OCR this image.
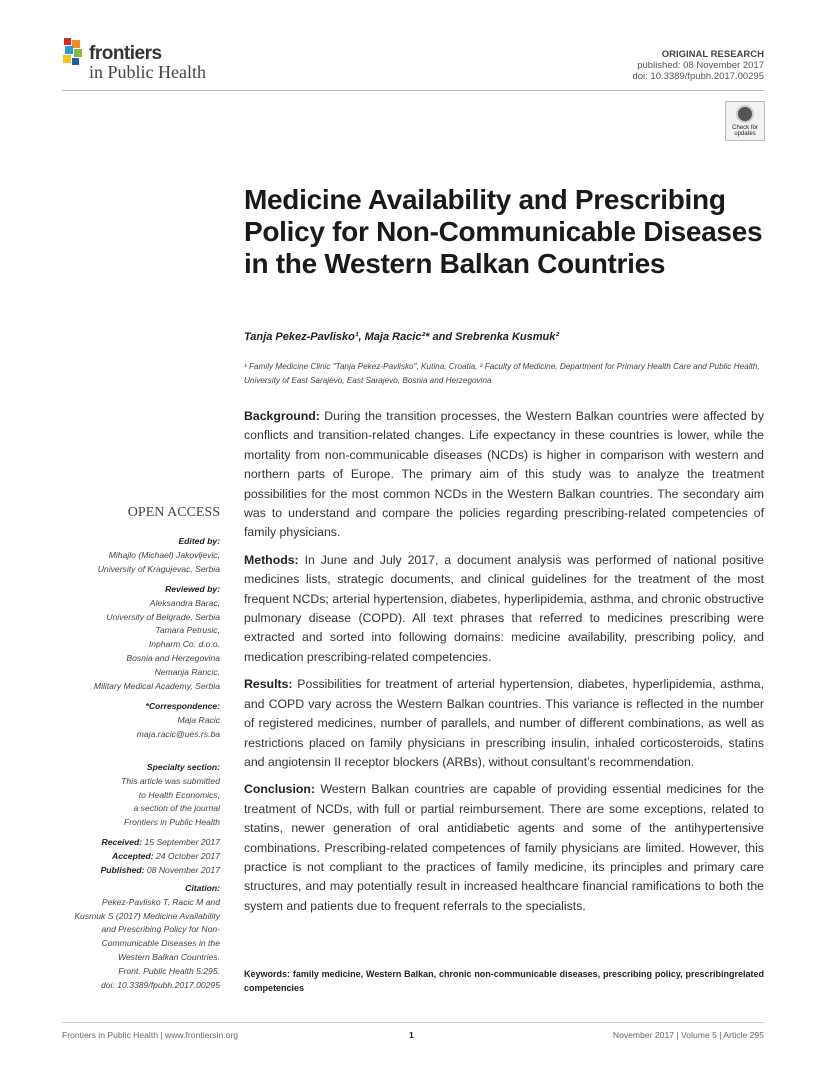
frontiers
in Public Health
ORIGINAL RESEARCH
published: 08 November 2017
doi: 10.3389/fpubh.2017.00295
Check for updates
Medicine Availability and Prescribing Policy for Non-Communicable Diseases in the Western Balkan Countries
Tanja Pekez-Pavlisko¹, Maja Racic²* and Srebrenka Kusmuk²
¹ Family Medicine Clinic "Tanja Pekez-Pavlisko", Kutina, Croatia, ² Faculty of Medicine, Department for Primary Health Care and Public Health, University of East Sarajevo, East Sarajevo, Bosnia and Herzegovina

Background: During the transition processes, the Western Balkan countries were affected by conflicts and transition-related changes. Life expectancy in these countries is lower, while the mortality from non-communicable diseases (NCDs) is higher in comparison with western and northern parts of Europe. The primary aim of this study was to analyze the treatment possibilities for the most common NCDs in the Western Balkan countries. The secondary aim was to understand and compare the policies regarding prescribing-related competencies of family physicians.

Methods: In June and July 2017, a document analysis was performed of national positive medicines lists, strategic documents, and clinical guidelines for the treatment of the most frequent NCDs; arterial hypertension, diabetes, hyperlipidemia, asthma, and chronic obstructive pulmonary disease (COPD). All text phrases that referred to medicines prescribing were extracted and sorted into following domains: medicine availability, prescribing policy, and medication prescribing-related competencies.

Results: Possibilities for treatment of arterial hypertension, diabetes, hyperlipidemia, asthma, and COPD vary across the Western Balkan countries. This variance is reflected in the number of registered medicines, number of parallels, and number of different combinations, as well as restrictions placed on family physicians in prescribing insulin, inhaled corticosteroids, statins and angiotensin II receptor blockers (ARBs), without consultant’s recommendation.

Conclusion: Western Balkan countries are capable of providing essential medicines for the treatment of NCDs, with full or partial reimbursement. There are some exceptions, related to statins, newer generation of oral antidiabetic agents and some of the antihypertensive combinations. Prescribing-related competences of family physicians are limited. However, this practice is not compliant to the practices of family medicine, its principles and primary care structures, and may potentially result in increased healthcare financial ramifications to both the system and patients due to frequent referrals to the specialists.

Keywords: family medicine, Western Balkan, chronic non-communicable diseases, prescribing policy, prescribingrelated competencies
OPEN ACCESS
Edited by:
Mihajlo (Michael) Jakovljevic,
University of Kragujevac, Serbia
Reviewed by:
Aleksandra Barac,
University of Belgrade, Serbia
Tamara Petrusic,
Inpharm Co. d.o.o.
Bosnia and Herzegovina
Nemanja Rancic,
Military Medical Academy, Serbia
*Correspondence:
Maja Racic
maja.racic@ues.rs.ba
Specialty section:
This article was submitted
to Health Economics,
a section of the journal
Frontiers in Public Health
Received: 15 September 2017
Accepted: 24 October 2017
Published: 08 November 2017
Citation:
Pekez-Pavlisko T, Racic M and
Kusmuk S (2017) Medicine Availability
and Prescribing Policy for Non-
Communicable Diseases in the
Western Balkan Countries.
Front. Public Health 5:295.
doi: 10.3389/fpubh.2017.00295
Frontiers in Public Health | www.frontiersin.org	1	November 2017 | Volume 5 | Article 295
